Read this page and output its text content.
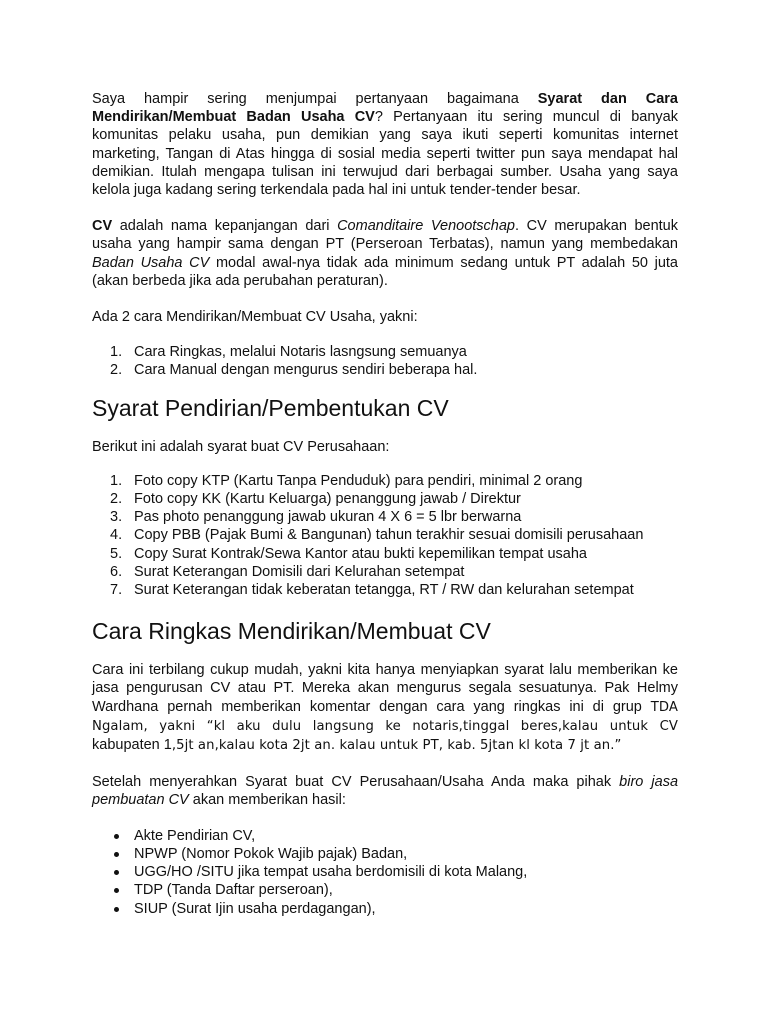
Saya hampir sering menjumpai pertanyaan bagaimana Syarat dan Cara Mendirikan/Membuat Badan Usaha CV? Pertanyaan itu sering muncul di banyak komunitas pelaku usaha, pun demikian yang saya ikuti seperti komunitas internet marketing, Tangan di Atas hingga di sosial media seperti twitter pun saya mendapat hal demikian. Itulah mengapa tulisan ini terwujud dari berbagai sumber. Usaha yang saya kelola juga kadang sering terkendala pada hal ini untuk tender-tender besar.

CV adalah nama kepanjangan dari Comanditaire Venootschap. CV merupakan bentuk usaha yang hampir sama dengan PT (Perseroan Terbatas), namun yang membedakan Badan Usaha CV modal awal-nya tidak ada minimum sedang untuk PT adalah 50 juta (akan berbeda jika ada perubahan peraturan).

Ada 2 cara Mendirikan/Membuat CV Usaha, yakni:

1. Cara Ringkas, melalui Notaris lasngsung semuanya
2. Cara Manual dengan mengurus sendiri beberapa hal.
Syarat Pendirian/Pembentukan CV

Berikut ini adalah syarat buat CV Perusahaan:

1. Foto copy KTP (Kartu Tanpa Penduduk) para pendiri, minimal 2 orang
2. Foto copy KK (Kartu Keluarga) penanggung jawab / Direktur
3. Pas photo penanggung jawab ukuran 4 X 6 = 5 lbr berwarna
4. Copy PBB (Pajak Bumi & Bangunan) tahun terakhir sesuai domisili perusahaan
5. Copy Surat Kontrak/Sewa Kantor atau bukti kepemilikan tempat usaha
6. Surat Keterangan Domisili dari Kelurahan setempat
7. Surat Keterangan tidak keberatan tetangga, RT / RW dan kelurahan setempat
Cara Ringkas Mendirikan/Membuat CV

Cara ini terbilang cukup mudah, yakni kita hanya menyiapkan syarat lalu memberikan ke jasa pengurusan CV atau PT. Mereka akan mengurus segala sesuatunya. Pak Helmy Wardhana pernah memberikan komentar dengan cara yang ringkas ini di grup TDA Ngalam, yakni “kl aku dulu langsung ke notaris,tinggal beres,kalau untuk CV kabupaten 1,5jt an,kalau kota 2jt an. kalau untuk PT, kab. 5jtan kl kota 7 jt an.”

Setelah menyerahkan Syarat buat CV Perusahaan/Usaha Anda maka pihak biro jasa pembuatan CV akan memberikan hasil:

Akte Pendirian CV,
NPWP (Nomor Pokok Wajib pajak) Badan,
UGG/HO /SITU jika tempat usaha berdomisili di kota Malang,
TDP (Tanda Daftar perseroan),
SIUP (Surat Ijin usaha perdagangan),
